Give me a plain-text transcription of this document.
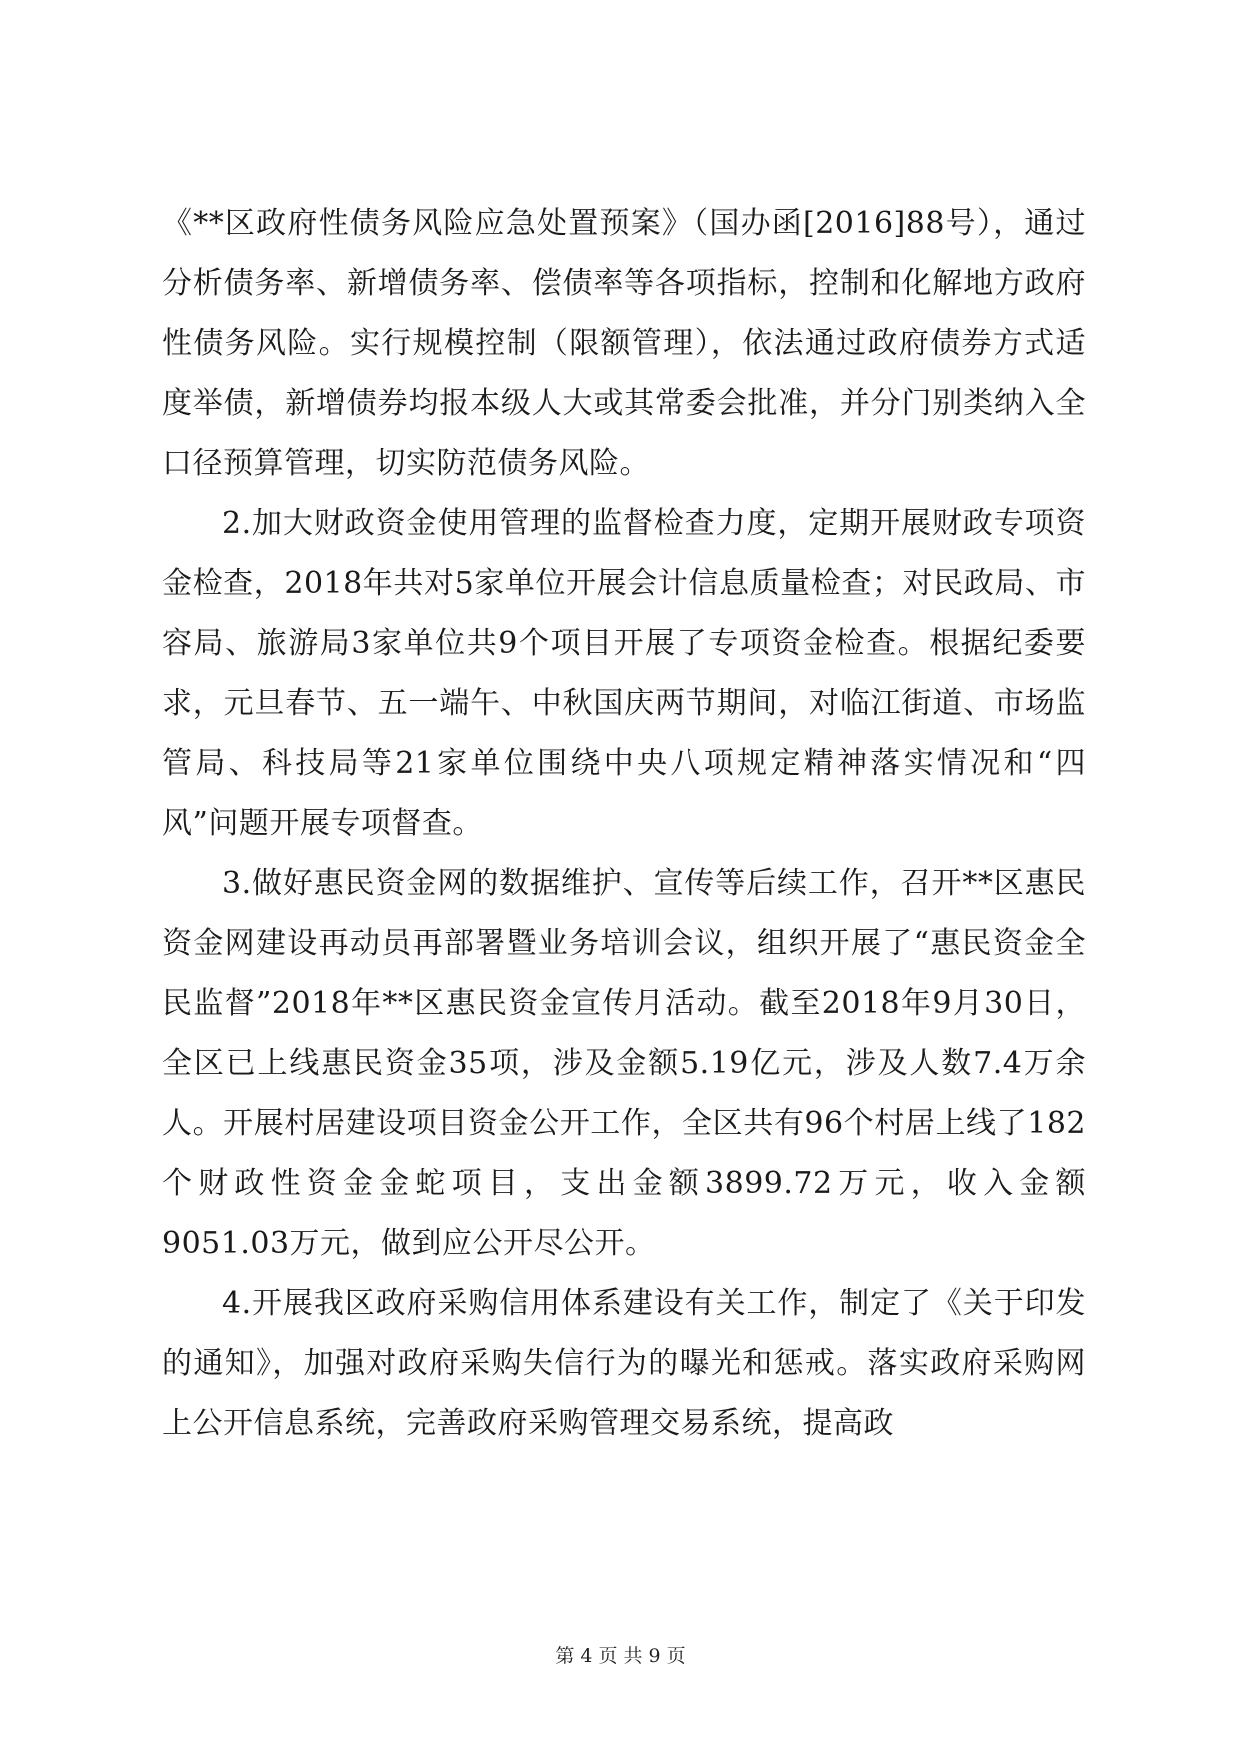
《**区政府性债务风险应急处置预案》（国办函[2016]88号），通过分析债务率、新增债务率、偿债率等各项指标，控制和化解地方政府性债务风险。实行规模控制（限额管理），依法通过政府债券方式适度举债，新增债券均报本级人大或其常委会批准，并分门别类纳入全口径预算管理，切实防范债务风险。

2.加大财政资金使用管理的监督检查力度，定期开展财政专项资金检查，2018年共对5家单位开展会计信息质量检查；对民政局、市容局、旅游局3家单位共9个项目开展了专项资金检查。根据纪委要求，元旦春节、五一端午、中秋国庆两节期间，对临江街道、市场监管局、科技局等21家单位围绕中央八项规定精神落实情况和“四风”问题开展专项督查。

3.做好惠民资金网的数据维护、宣传等后续工作，召开**区惠民资金网建设再动员再部署暨业务培训会议，组织开展了“惠民资金全民监督”2018年**区惠民资金宣传月活动。截至2018年9月30日，全区已上线惠民资金35项，涉及金额5.19亿元，涉及人数7.4万余人。开展村居建设项目资金公开工作，全区共有96个村居上线了182个财政性资金金蛇项目，支出金额3899.72万元，收入金额9051.03万元，做到应公开尽公开。

4.开展我区政府采购信用体系建设有关工作，制定了《关于印发的通知》，加强对政府采购失信行为的曝光和惩戒。落实政府采购网上公开信息系统，完善政府采购管理交易系统，提高政

第 4 页 共 9 页
